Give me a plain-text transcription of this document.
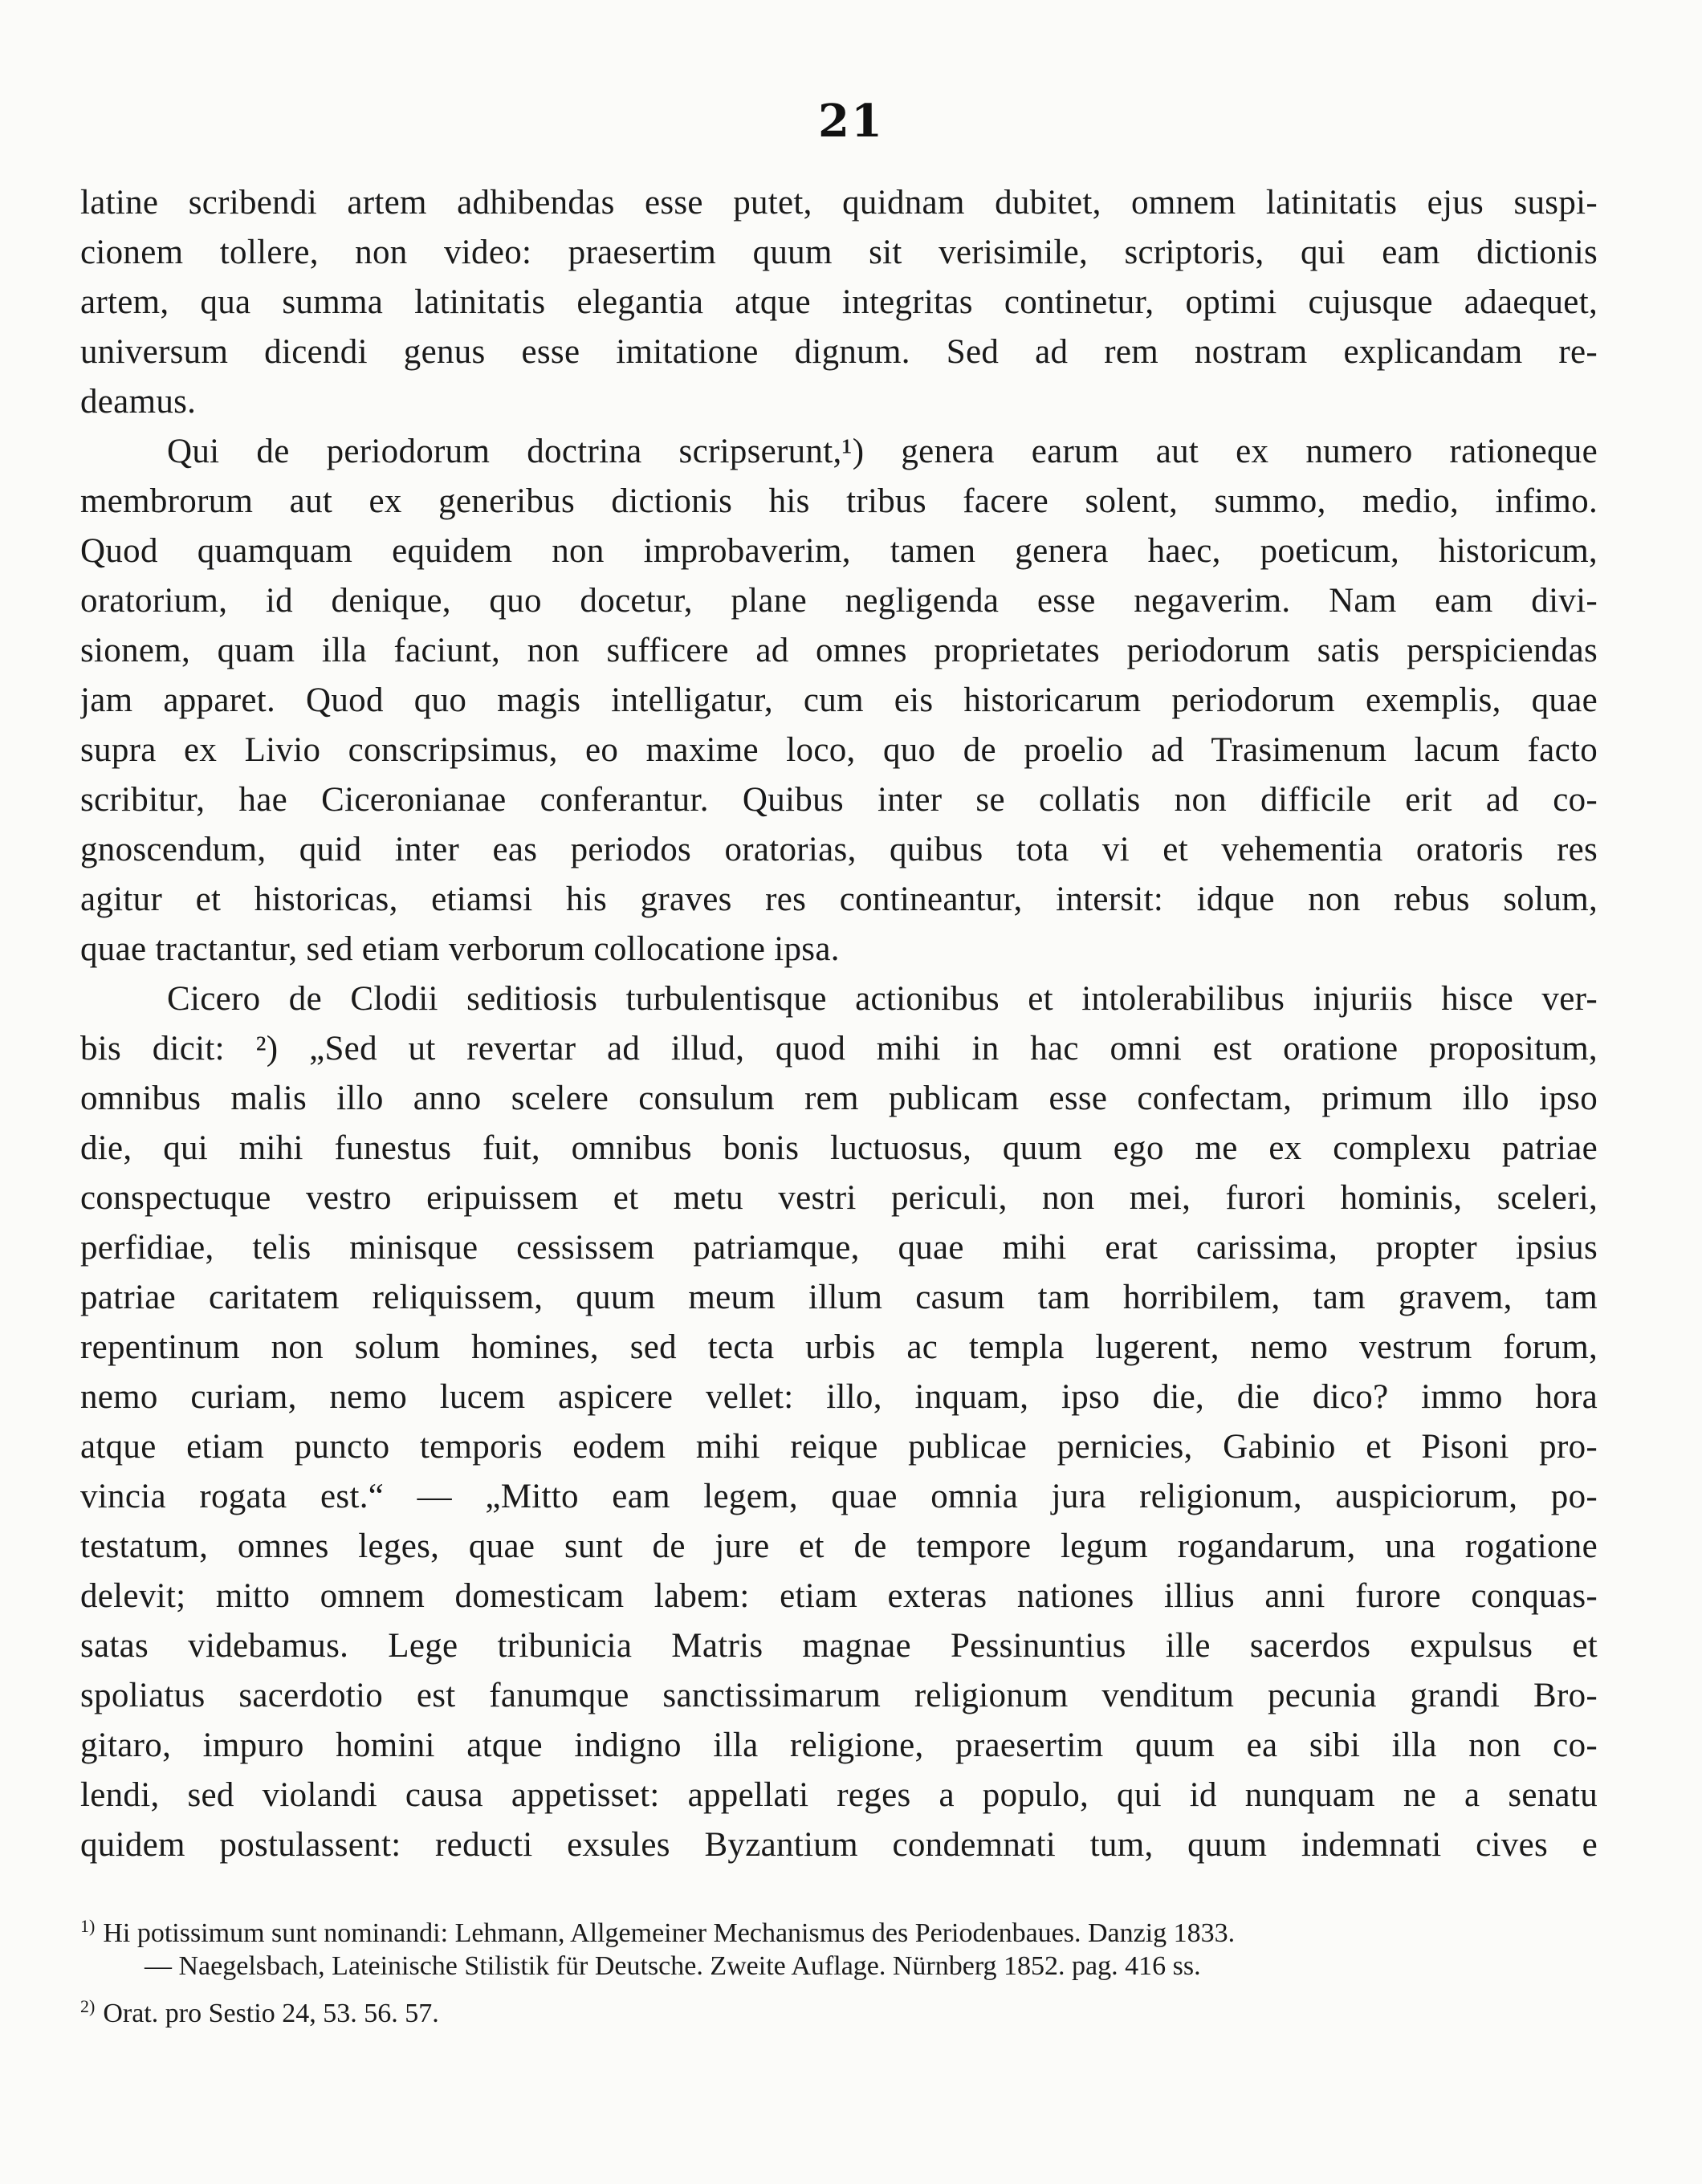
21
latine scribendi artem adhibendas esse putet, quidnam dubitet, omnem latinitatis ejus suspi-
cionem tollere, non video: praesertim quum sit verisimile, scriptoris, qui eam dictionis
artem, qua summa latinitatis elegantia atque integritas continetur, optimi cujusque adaequet,
universum dicendi genus esse imitatione dignum. Sed ad rem nostram explicandam re-
deamus.
Qui de periodorum doctrina scripserunt,¹) genera earum aut ex numero rationeque
membrorum aut ex generibus dictionis his tribus facere solent, summo, medio, infimo.
Quod quamquam equidem non improbaverim, tamen genera haec, poeticum, historicum,
oratorium, id denique, quo docetur, plane negligenda esse negaverim. Nam eam divi-
sionem, quam illa faciunt, non sufficere ad omnes proprietates periodorum satis perspiciendas
jam apparet. Quod quo magis intelligatur, cum eis historicarum periodorum exemplis, quae
supra ex Livio conscripsimus, eo maxime loco, quo de proelio ad Trasimenum lacum facto
scribitur, hae Ciceronianae conferantur. Quibus inter se collatis non difficile erit ad co-
gnoscendum, quid inter eas periodos oratorias, quibus tota vi et vehementia oratoris res
agitur et historicas, etiamsi his graves res contineantur, intersit: idque non rebus solum,
quae tractantur, sed etiam verborum collocatione ipsa.
Cicero de Clodii seditiosis turbulentisque actionibus et intolerabilibus injuriis hisce ver-
bis dicit: ²) „Sed ut revertar ad illud, quod mihi in hac omni est oratione propositum,
omnibus malis illo anno scelere consulum rem publicam esse confectam, primum illo ipso
die, qui mihi funestus fuit, omnibus bonis luctuosus, quum ego me ex complexu patriae
conspectuque vestro eripuissem et metu vestri periculi, non mei, furori hominis, sceleri,
perfidiae, telis minisque cessissem patriamque, quae mihi erat carissima, propter ipsius
patriae caritatem reliquissem, quum meum illum casum tam horribilem, tam gravem, tam
repentinum non solum homines, sed tecta urbis ac templa lugerent, nemo vestrum forum,
nemo curiam, nemo lucem aspicere vellet: illo, inquam, ipso die, die dico? immo hora
atque etiam puncto temporis eodem mihi reique publicae pernicies, Gabinio et Pisoni pro-
vincia rogata est.“ — „Mitto eam legem, quae omnia jura religionum, auspiciorum, po-
testatum, omnes leges, quae sunt de jure et de tempore legum rogandarum, una rogatione
delevit; mitto omnem domesticam labem: etiam exteras nationes illius anni furore conquas-
satas videbamus. Lege tribunicia Matris magnae Pessinuntius ille sacerdos expulsus et
spoliatus sacerdotio est fanumque sanctissimarum religionum venditum pecunia grandi Bro-
gitaro, impuro homini atque indigno illa religione, praesertim quum ea sibi illa non co-
lendi, sed violandi causa appetisset: appellati reges a populo, qui id nunquam ne a senatu
quidem postulassent: reducti exsules Byzantium condemnati tum, quum indemnati cives e
$^{1)}$ Hi potissimum sunt nominandi: Lehmann, Allgemeiner Mechanismus des Periodenbaues. Danzig 1833.
— Naegelsbach, Lateinische Stilistik für Deutsche. Zweite Auflage. Nürnberg 1852. pag. 416 ss.
$^{2)}$ Orat. pro Sestio 24, 53. 56. 57.
